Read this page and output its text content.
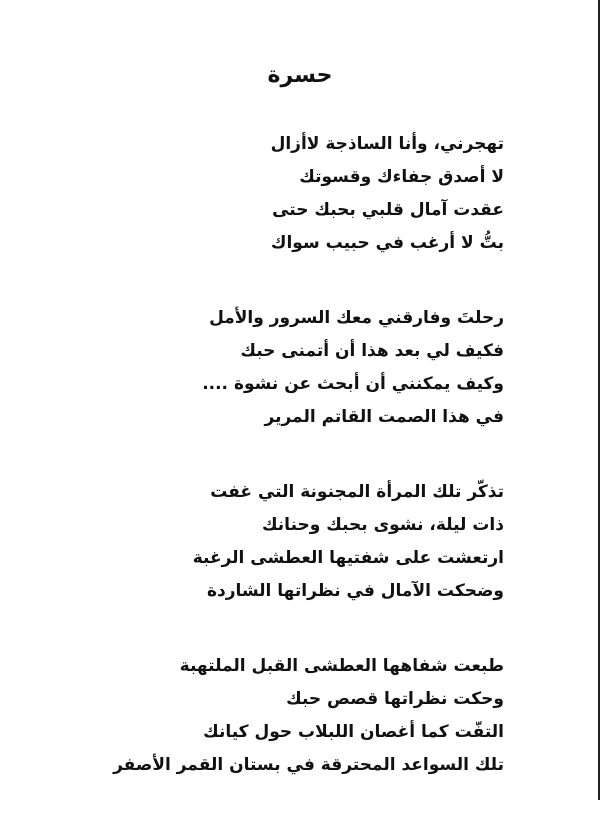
حسرة
تهجرني، وأنا الساذجة لاأزال
لا أصدق جفاءك وقسوتك
عقدت آمال قلبي بحبك حتى
بتُّ لا أرغب في حبيب سواك
رحلتَ وفارقني معك السرور والأمل
فكيف لي بعد هذا أن أتمنى حبك
وكيف يمكنني أن أبحث عن نشوة ....
في هذا الصمت القاتم المرير
تذكّر تلك المرأة المجنونة التي غفت
ذات ليلة، نشوى بحبك وحنانك
ارتعشت على شفتيها العطشى الرغبة
وضحكت الآمال في نظراتها الشاردة
طبعت شفاهها العطشى القبل الملتهبة
وحكت نظراتها قصص حبك
التفّت كما أغصان اللبلاب حول كيانك
تلك السواعد المحترقة في بستان القمر الأصفر
